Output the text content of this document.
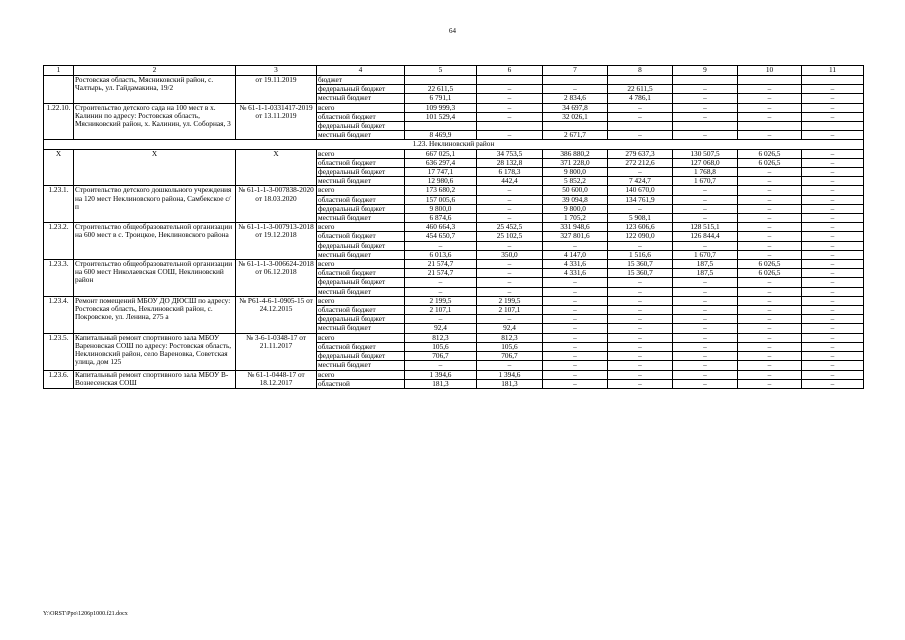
64
1	2	3	4	5	6	7	8	9	10	11
	Ростовская область, Мясниковский район, с. Чалтырь, ул. Гайдамакина, 19/2	от 19.11.2019	бюджет							
			федеральный бюджет	22 611,5	–	–	22 611,5	–	–	–
			местный бюджет	6 791,1	–	2 834,6	4 786,1	–	–	–
1.22.10.	Строительство детского сада на 100 мест в х. Калинин по адресу: Ростовская область, Мясниковский район, х. Калинин, ул. Соборная, 3	№ 61-1-1-0331417-2019 от 13.11.2019	всего	109 999,3	–	34 697,8	–	–	–	–
			областной бюджет	101 529,4	–	32 026,1	–	–	–	–
			федеральный бюджет							
			местный бюджет	8 469,9	–	2 671,7	–	–	–	–
1.23. Неклиновский район										
Х	Х	Х	всего	667 025,1	34 753,5	386 880,2	279 637,3	130 507,5	6 026,5	–
			областной бюджет	636 297,4	28 132,8	371 228,0	272 212,6	127 068,0	6 026,5	–
			федеральный бюджет	17 747,1	6 178,3	9 800,0	–	1 768,8	–	–
			местный бюджет	12 980,6	442,4	5 852,2	7 424,7	1 670,7	–	–
1.23.1.	Строительство детского дошкольного учреждения на 120 мест Неклиновского района, Самбекское с/п	№ 61-1-1-3-007838-2020 от 18.03.2020	всего	173 680,2	–	50 600,0	140 670,0	–	–	–
			областной бюджет	157 005,6	–	39 094,8	134 761,9	–	–	–
			федеральный бюджет	9 800,0	–	9 800,0	–	–	–	–
			местный бюджет	6 874,6	–	1 705,2	5 908,1	–	–	–
1.23.2.	Строительство общеобразовательной организации на 600 мест в с. Троицкое, Неклиновского района	№ 61-1-1-3-007913-2018 от 19.12.2018	всего	460 664,3	25 452,5	331 948,6	123 606,6	128 515,1	–	–
			областной бюджет	454 650,7	25 102,5	327 801,6	122 090,0	126 844,4	–	–
			федеральный бюджет	–	–	–	–	–	–	–
			местный бюджет	6 013,6	350,0	4 147,0	1 516,6	1 670,7	–	–
1.23.3.	Строительство общеобразовательной организации на 600 мест Николаевская СОШ, Неклиновский район	№ 61-1-1-3-006624-2018 от 06.12.2018	всего	21 574,7	–	4 331,6	15 360,7	187,5	6 026,5	–
			областной бюджет	21 574,7	–	4 331,6	15 360,7	187,5	6 026,5	–
			федеральный бюджет	–	–	–	–	–	–	–
			местный бюджет	–	–	–	–	–	–	–
1.23.4.	Ремонт помещений МБОУ ДО ДЮСШ по адресу: Ростовская область, Неклиновский район, с. Покровское, ул. Ленина, 275 а	№ Р61-4-6-1-0905-15 от 24.12.2015	всего	2 199,5	2 199,5	–	–	–	–	–
			областной бюджет	2 107,1	2 107,1	–	–	–	–	–
			федеральный бюджет	–	–	–	–	–	–	–
			местный бюджет	92,4	92,4	–	–	–	–	–
1.23.5.	Капитальный ремонт спортивного зала МБОУ Вареновская СОШ по адресу: Ростовская область, Неклиновский район, село Вареновка, Советская улица, дом 125	№ 3-6-1-0348-17 от 21.11.2017	всего	812,3	812,3	–	–	–	–	–
			областной бюджет	105,6	105,6	–	–	–	–	–
			федеральный бюджет	706,7	706,7	–	–	–	–	–
			местный бюджет	–	–	–	–	–	–	–
1.23.6.	Капитальный ремонт спортивного зала МБОУ В-Вознесенская СОШ	№ 61-1-0448-17 от 18.12.2017	всего	1 394,6	1 394,6	–	–	–	–	–
			областной	181,3	181,3	–	–	–	–	–
Y:\ORST\Ppo\1206p1000.f21.docx
